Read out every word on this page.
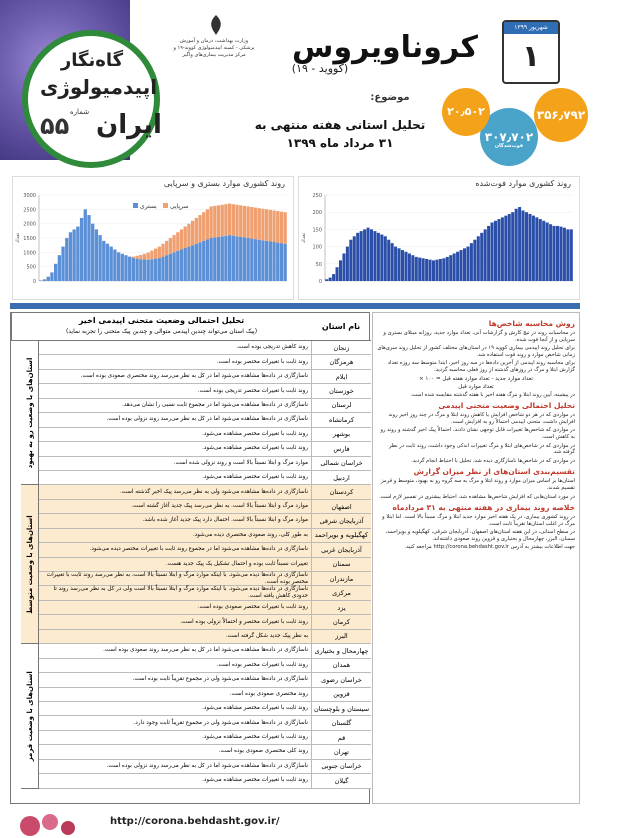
گاه‌نگار
اپیدمیولوژی
ایران
۵۵ شماره
وزارت بهداشت، درمان و آموزش پزشکی - کمیته اپیدمیولوژی کووید-۱۹ و مرکز مدیریت بیماری‌های واگیر
شهریور ۱۳۹۹
۱
کروناویروس
(کووید - ۱۹)
موضوع:
تحلیل استانی هفته منتهی به
۳۱ مرداد ماه ۱۳۹۹
۳۵۶٫۷۹۲
مبتلایان
۳۰۷٫۷۰۲
بهبودیافتگان
۲۰٫۵۰۲
فوت‌شدگان
روند کشوری موارد بستری و سرپایی
0
500
1000
1500
2000
2500
3000
تعداد
سرپایی
بستری
روند کشوری موارد فوت‌شده
0
50
100
150
200
250
تعداد
تحلیل احتمالی وضعیت متحنی اپیدمی اخیر
(پیک استان می‌تواند چندین اپیدمی متوالی و چندین پیک متحنی را تجربه نماید)
نام استان
استان‌های با وضعیت رو به بهبود
روند کاهش تدریجی بوده است.	زنجان
روند ثابت با تغییرات مختصر بوده است.	هرمزگان
ناسازگاری در داده‌ها مشاهده می‌شود اما در کل به نظر می‌رسد روند مختصری صعودی بوده است.	ایلام
روند ثابت با تغییرات مختصر تدریجی بوده است.	خوزستان
ناسازگاری در داده‌ها مشاهده می‌شود اما در مجموع ثابت نسبی را نشان می‌دهد.	لرستان
ناسازگاری در داده‌ها مشاهده می‌شود اما در کل به نظر می‌رسد روند نزولی بوده است.	کرمانشاه
روند ثابت با تغییرات مختصر مشاهده می‌شود.	بوشهر
روند ثابت با تغییرات مختصر مشاهده می‌شود.	فارس
موارد مرگ و ابتلا نسبتاً بالا است و روند نزولی شده است.	خراسان شمالی
روند ثابت با تغییرات مختصر مشاهده می‌شود.	اردبیل
استان‌های با وضعیت متوسط
ناسازگاری در داده‌ها مشاهده می‌شود ولی به نظر می‌رسد پیک اخیر گذشته است.	کردستان
موارد مرگ و ابتلا نسبتاً بالا است. به نظر می‌رسد پیک جدید آغاز گشته است.	اصفهان
موارد مرگ و ابتلا نسبتاً بالا است. احتمال دارد پیک جدید آغاز شده باشد.	آذربایجان شرقی
به طور کلی، روند صعودی مختصری دیده می‌شود.	کهگیلویه و بویراحمد
ناسازگاری در داده‌ها مشاهده می‌شود اما در مجموع روند ثابت با تغییرات مختصر دیده می‌شود.	آذربایجان غربی
تغییرات نسبتاً ثابت بوده و احتمال تشکیل یک پیک جدید هست.	سمنان
ناسازگاری در داده‌ها دیده می‌شود. با اینکه موارد مرگ و ابتلا نسبتاً بالا است، به نظر می‌رسد روند ثابت با تغییرات مختصر بوده است.	مازندران
ناسازگاری در داده‌ها دیده می‌شود. با اینکه موارد مرگ و ابتلا نسبتاً بالا است ولی در کل به نظر می‌رسد روند تا حدودی کاهش یافته است.	مرکزی
روند ثابت با تغییرات مختصر صعودی بوده است.	یزد
روند ثابت با تغییرات مختصر و احتمالاً نزولی بوده است.	کرمان
به نظر پیک جدید شکل گرفته است.	البرز
استان‌های با وضعیت قرمز
ناسازگاری در داده‌ها مشاهده می‌شود اما در کل به نظر می‌رسد روند صعودی بوده است.	چهارمحال و بختیاری
روند ثابت با تغییرات مختصر بوده است.	همدان
ناسازگاری در داده‌ها مشاهده می‌شود ولی در مجموع تقریباً ثابت بوده است.	خراسان رضوی
روند مختصری صعودی بوده است.	قزوین
روند ثابت با تغییرات مختصر مشاهده می‌شود. سیستان و بلوچستان
ناسازگاری در داده‌ها مشاهده می‌شود ولی در مجموع تقریباً ثابت وجود دارد.	گلستان
روند ثابت با تغییرات مختصر مشاهده می‌شود.	قم
روند کلی مختصری صعودی بوده است.	تهران
ناسازگاری در داده‌ها مشاهده می‌شود اما در کل به نظر می‌رسد روند نزولی بوده است.	خراسان جنوبی
روند ثابت با تغییرات مختصر مشاهده می‌شود.	گیلان
روش محاسبه شاخص‌ها
در محاسبات روند در نیچ کارش و گزارشات آنی، تعداد موارد جدید، روزانه مبتلای بستری و سرپایی و از آنجا فوت شده.
برای تحلیل روند اپیدمی بیماری کووید ۱۹ در استان‌های مختلف کشور از تحلیل روند سری‌های زمانی شاخص موارد و روند فوت استفاده شد.
برای محاسبه روند اپیدمی از آخرین داده‌ها در سه روز اخیر، ابتدا متوسط سه روزه تعداد گزارش ابتلا و مرگ در روزهای گذشته از روز فعلی محاسبه گردید.
تعداد موارد جدید - تعداد موارد هفته قبل = ۱۰۰ ×
تعداد موارد قبل
در پیشینه، آیین روند ابتلا و مرگ هفته اخیر با هفته گذشته مقایسه شده است.
تحلیل احتمالی وضعیت متحنی اپیدمی
در مواردی که در هر دو شاخص افزایش یا کاهش روند ابتلا و مرگ در چند روز اخیر روند افزایش داشت، متحنی اپیدمی احتمالاً رو به افزایش است.
در مواردی که شاخص‌ها تغییرات قابل توجهی نشان دادند، احتمالاً پیک اخیر گذشته و روند رو به کاهش است.
در مواردی که در شاخص‌های ابتلا و مرگ تغییرات اندکی وجود داشت، روند ثابت در نظر گرفته شد.
در مواردی که در شاخص‌ها ناسازگاری دیده شد، تحلیل با احتیاط انجام گردید.
تقسیم‌بندی استان‌های از نظر میزان گزارش
استان‌ها بر اساس میزان موارد و روند ابتلا و مرگ به سه گروه رو به بهبود، متوسط و قرمز تقسیم شدند.
در مورد استان‌هایی که افزایش شاخص‌ها مشاهده شد، احتیاط بیشتری در تفسیر لازم است.
خلاصه روند بیماری در هفته منتهی به ۳۱ مردادماه
در روند کشوری بیماری، در یک هفته اخیر موارد جدید ابتلا و مرگ نسبتاً بالا است. اما ابتلا و مرگ در اغلب استان‌ها تقریباً ثابت است.
در سطح استانی، در این هفته استان‌های اصفهان، آذربایجان شرقی، کهگیلویه و بویراحمد، سمنان، البرز، چهارمحال و بختیاری و قزوین روند صعودی داشته‌اند.
جهت اطلاعات بیشتر به آدرس http://corona.behdasht.gov.ir مراجعه کنید.
http://corona.behdasht.gov.ir/
